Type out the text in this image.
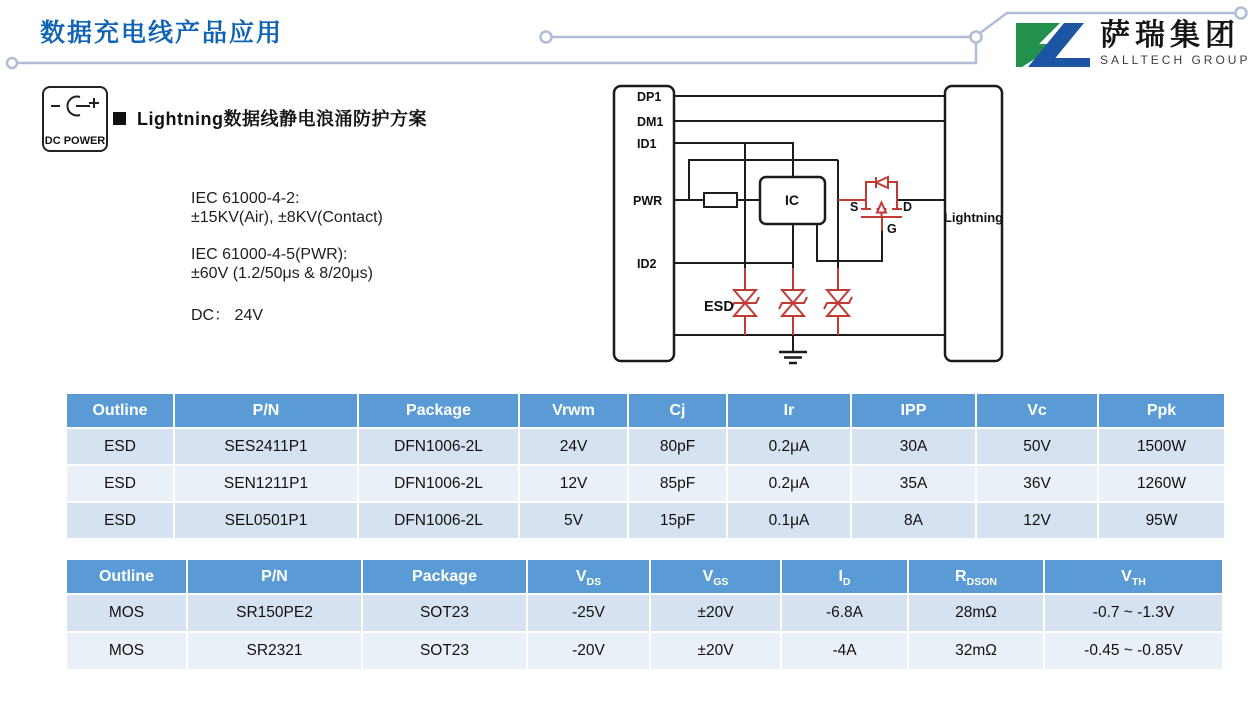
数据充电线产品应用	萨瑞集团
SALLTECH GROUP
DC POWER
Lightning数据线静电浪涌防护方案
IEC 61000-4-2:
±15KV(Air), ±8KV(Contact)
IEC 61000-4-5(PWR):
±60V (1.2/50μs & 8/20μs)
DC： 24V
DP1
DM1
ID1
PWR
ID2
IC	S	D
G
ESD
Lightning
Outline	P/N	Package	Vrwm	Cj	Ir	IPP	Vc	Ppk
ESD	SES2411P1	DFN1006-2L	24V	80pF	0.2μA	30A	50V	1500W
ESD	SEN1211P1	DFN1006-2L	12V	85pF	0.2μA	35A	36V	1260W
ESD	SEL0501P1	DFN1006-2L	5V	15pF	0.1μA	8A	12V	95W
Outline	P/N	Package	$V_{DS}$	$V_{GS}$	$I_D$	$R_{DSON}$	$V_{TH}$
MOS	SR150PE2	SOT23	-25V	±20V	-6.8A	28mΩ	-0.7 ~ -1.3V
MOS	SR2321	SOT23	-20V	±20V	-4A	32mΩ	-0.45 ~ -0.85V
